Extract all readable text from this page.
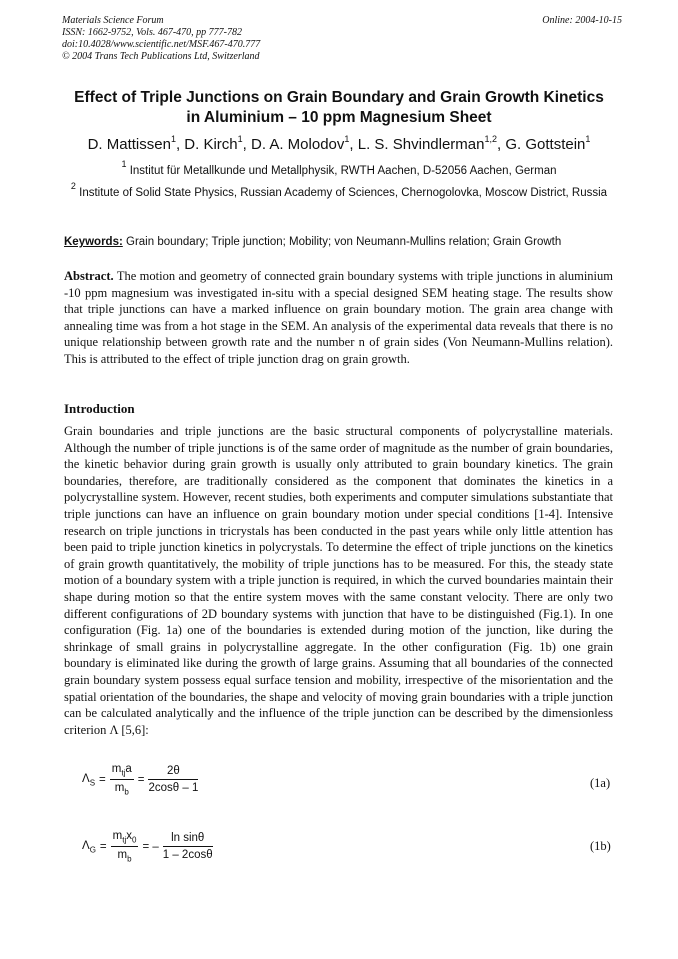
Materials Science Forum
ISSN: 1662-9752, Vols. 467-470, pp 777-782
doi:10.4028/www.scientific.net/MSF.467-470.777
© 2004 Trans Tech Publications Ltd, Switzerland
Online: 2004-10-15
Effect of Triple Junctions on Grain Boundary and Grain Growth Kinetics
in Aluminium – 10 ppm Magnesium Sheet
D. Mattissen$^1$, D. Kirch$^1$, D. A. Molodov$^1$, L. S. Shvindlerman$^{1,2}$, G. Gottstein$^1$
$^1$ Institut für Metallkunde und Metallphysik, RWTH Aachen, D-52056 Aachen, German
$^2$ Institute of Solid State Physics, Russian Academy of Sciences, Chernogolovka, Moscow District, Russia
Keywords: Grain boundary; Triple junction; Mobility; von Neumann-Mullins relation; Grain Growth
Abstract. The motion and geometry of connected grain boundary systems with triple junctions in aluminium -10 ppm magnesium was investigated in-situ with a special designed SEM heating stage. The results show that triple junctions can have a marked influence on grain boundary motion. The grain area change with annealing time was from a hot stage in the SEM. An analysis of the experimental data reveals that there is no unique relationship between growth rate and the number n of grain sides (Von Neumann-Mullins relation). This is attributed to the effect of triple junction drag on grain growth.
Introduction
Grain boundaries and triple junctions are the basic structural components of polycrystalline materials. Although the number of triple junctions is of the same order of magnitude as the number of grain boundaries, the kinetic behavior during grain growth is usually only attributed to grain boundary kinetics. The grain boundaries, therefore, are traditionally considered as the component that dominates the kinetics in a polycrystalline system. However, recent studies, both experiments and computer simulations substantiate that triple junctions can have an influence on grain boundary motion under special conditions [1-4]. Intensive research on triple junctions in tricrystals has been conducted in the past years while only little attention has been paid to triple junction kinetics in polycrystals. To determine the effect of triple junctions on the kinetics of grain growth quantitatively, the mobility of triple junctions has to be measured. For this, the steady state motion of a boundary system with a triple junction is required, in which the curved boundaries maintain their shape during motion so that the entire system moves with the same constant velocity. There are only two different configurations of 2D boundary systems with junction that have to be distinguished (Fig.1). In one configuration (Fig. 1a) one of the boundaries is extended during motion of the junction, like during the shrinkage of small grains in polycrystalline aggregate. In the other configuration (Fig. 1b) one grain boundary is eliminated like during the growth of large grains. Assuming that all boundaries of the connected grain boundary system possess equal surface tension and mobility, irrespective of the misorientation and the spatial orientation of the boundaries, the shape and velocity of moving grain boundaries with a triple junction can be calculated analytically and the influence of the triple junction can be described by the dimensionless criterion Λ [5,6]:
$\Lambda_S = \frac{m_{tj}a}{m_b} = \frac{2\theta}{2\cos\theta - 1}$	(1a)
$\Lambda_G = \frac{m_{tj}x_0}{m_b}$ = – $\frac{\text{ln sinθ}}{1 - 2\cos\theta}$	(1b)
